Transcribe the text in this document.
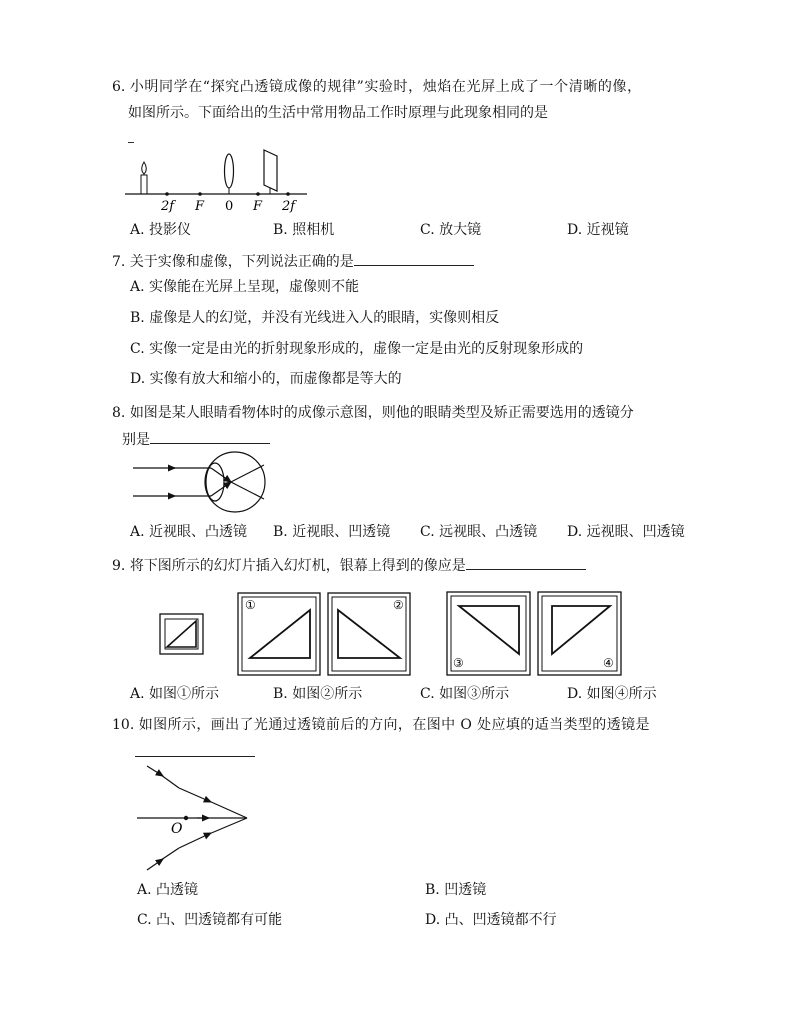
6. 小明同学在“探究凸透镜成像的规律”实验时，烛焰在光屏上成了一个清晰的像，
如图所示。下面给出的生活中常用物品工作时原理与此现象相同的是
2f F 0 F 2f
A. 投影仪	B. 照相机	C. 放大镜	D. 近视镜
7. 关于实像和虚像，下列说法正确的是
A. 实像能在光屏上呈现，虚像则不能
B. 虚像是人的幻觉，并没有光线进入人的眼睛，实像则相反
C. 实像一定是由光的折射现象形成的，虚像一定是由光的反射现象形成的
D. 实像有放大和缩小的，而虚像都是等大的
8. 如图是某人眼睛看物体时的成像示意图，则他的眼睛类型及矫正需要选用的透镜分
别是
A. 近视眼、凸透镜 B. 近视眼、凹透镜 C. 远视眼、凸透镜 D. 远视眼、凹透镜
9. 将下图所示的幻灯片插入幻灯机，银幕上得到的像应是
①	②
③	④
A. 如图①所示	B. 如图②所示	C. 如图③所示	D. 如图④所示
10. 如图所示，画出了光通过透镜前后的方向，在图中 O 处应填的适当类型的透镜是
O
A. 凸透镜	B. 凹透镜
C. 凸、凹透镜都有可能	D. 凸、凹透镜都不行
